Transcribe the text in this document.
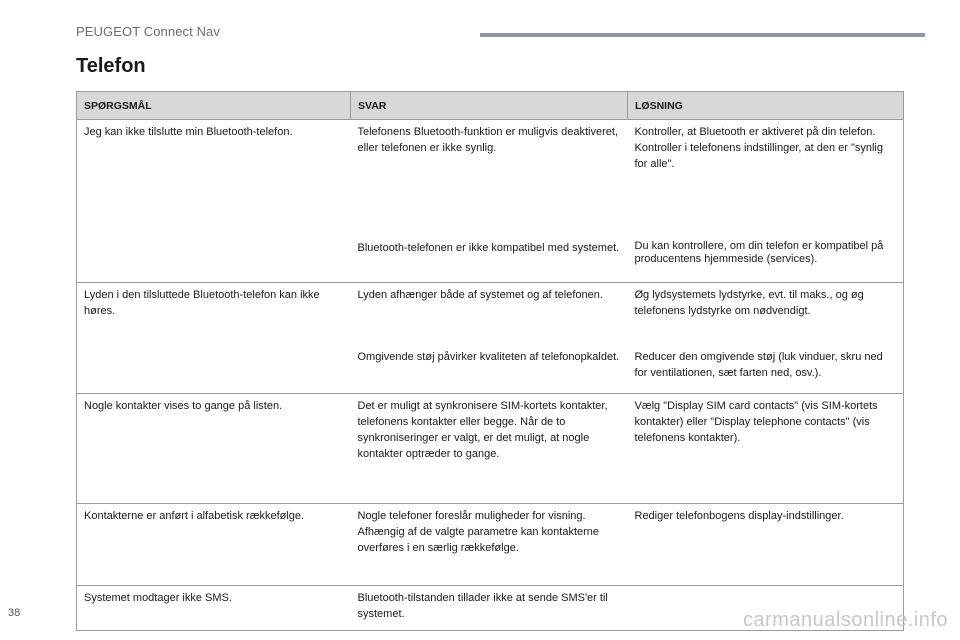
PEUGEOT Connect Nav
Telefon
SPØRGSMÅL	SVAR	LØSNING
Jeg kan ikke tilslutte min Bluetooth-telefon.	Telefonens Bluetooth-funktion er muligvis deaktiveret, eller telefonen er ikke synlig.	Kontroller, at Bluetooth er aktiveret på din telefon.
Kontroller i telefonens indstillinger, at den er "synlig for alle".
	Bluetooth-telefonen er ikke kompatibel med systemet.	Du kan kontrollere, om din telefon er kompatibel på producentens hjemmeside (services).
Lyden i den tilsluttede Bluetooth-telefon kan ikke høres.	Lyden afhænger både af systemet og af telefonen.	Øg lydsystemets lydstyrke, evt. til maks., og øg telefonens lydstyrke om nødvendigt.
	Omgivende støj påvirker kvaliteten af telefonopkaldet.	Reducer den omgivende støj (luk vinduer, skru ned for ventilationen, sæt farten ned, osv.).
Nogle kontakter vises to gange på listen.	Det er muligt at synkronisere SIM-kortets kontakter, telefonens kontakter eller begge. Når de to synkroniseringer er valgt, er det muligt, at nogle kontakter optræder to gange.	Vælg "Display SIM card contacts" (vis SIM-kortets kontakter) eller "Display telephone contacts" (vis telefonens kontakter).
Kontakterne er anført i alfabetisk rækkefølge.	Nogle telefoner foreslår muligheder for visning. Afhængig af de valgte parametre kan kontakterne overføres i en særlig rækkefølge.	Rediger telefonbogens display-indstillinger.
Systemet modtager ikke SMS.	Bluetooth-tilstanden tillader ikke at sende SMS'er til systemet.	
38	carmanualsonline.info
